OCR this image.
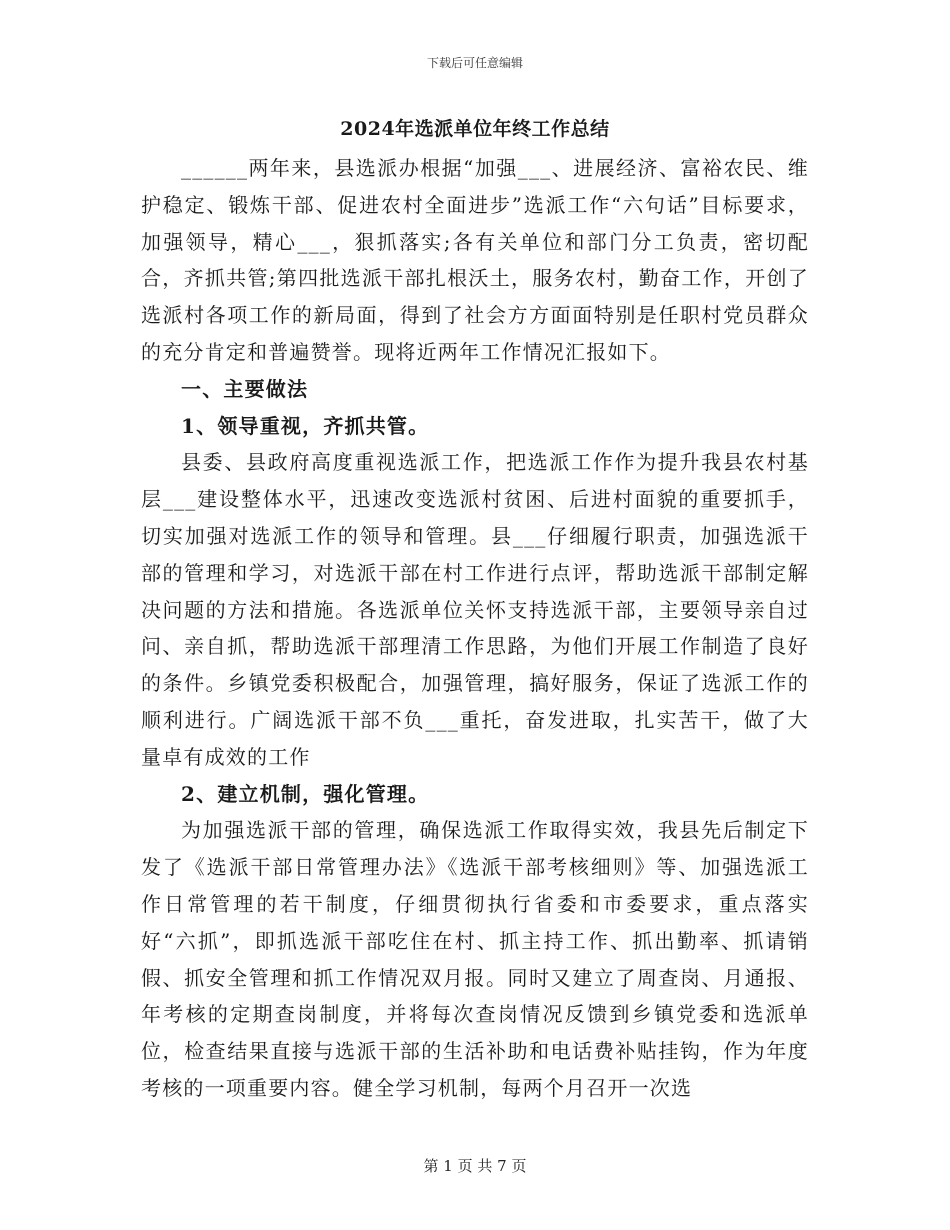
下载后可任意编辑
2024年选派单位年终工作总结

______两年来，县选派办根据“加强___、进展经济、富裕农民、维护稳定、锻炼干部、促进农村全面进步”选派工作“六句话”目标要求，加强领导，精心___，狠抓落实;各有关单位和部门分工负责，密切配合，齐抓共管;第四批选派干部扎根沃土，服务农村，勤奋工作，开创了选派村各项工作的新局面，得到了社会方方面面特别是任职村党员群众的充分肯定和普遍赞誉。现将近两年工作情况汇报如下。

一、主要做法

1、领导重视，齐抓共管。

县委、县政府高度重视选派工作，把选派工作作为提升我县农村基层___建设整体水平，迅速改变选派村贫困、后进村面貌的重要抓手，切实加强对选派工作的领导和管理。县___仔细履行职责，加强选派干部的管理和学习，对选派干部在村工作进行点评，帮助选派干部制定解决问题的方法和措施。各选派单位关怀支持选派干部，主要领导亲自过问、亲自抓，帮助选派干部理清工作思路，为他们开展工作制造了良好的条件。乡镇党委积极配合，加强管理，搞好服务，保证了选派工作的顺利进行。广阔选派干部不负___重托，奋发进取，扎实苦干，做了大量卓有成效的工作

2、建立机制，强化管理。

为加强选派干部的管理，确保选派工作取得实效，我县先后制定下发了《选派干部日常管理办法》《选派干部考核细则》等、加强选派工作日常管理的若干制度，仔细贯彻执行省委和市委要求，重点落实好“六抓”，即抓选派干部吃住在村、抓主持工作、抓出勤率、抓请销假、抓安全管理和抓工作情况双月报。同时又建立了周查岗、月通报、年考核的定期查岗制度，并将每次查岗情况反馈到乡镇党委和选派单位，检查结果直接与选派干部的生活补助和电话费补贴挂钩，作为年度考核的一项重要内容。健全学习机制，每两个月召开一次选

第 1 页 共 7 页
